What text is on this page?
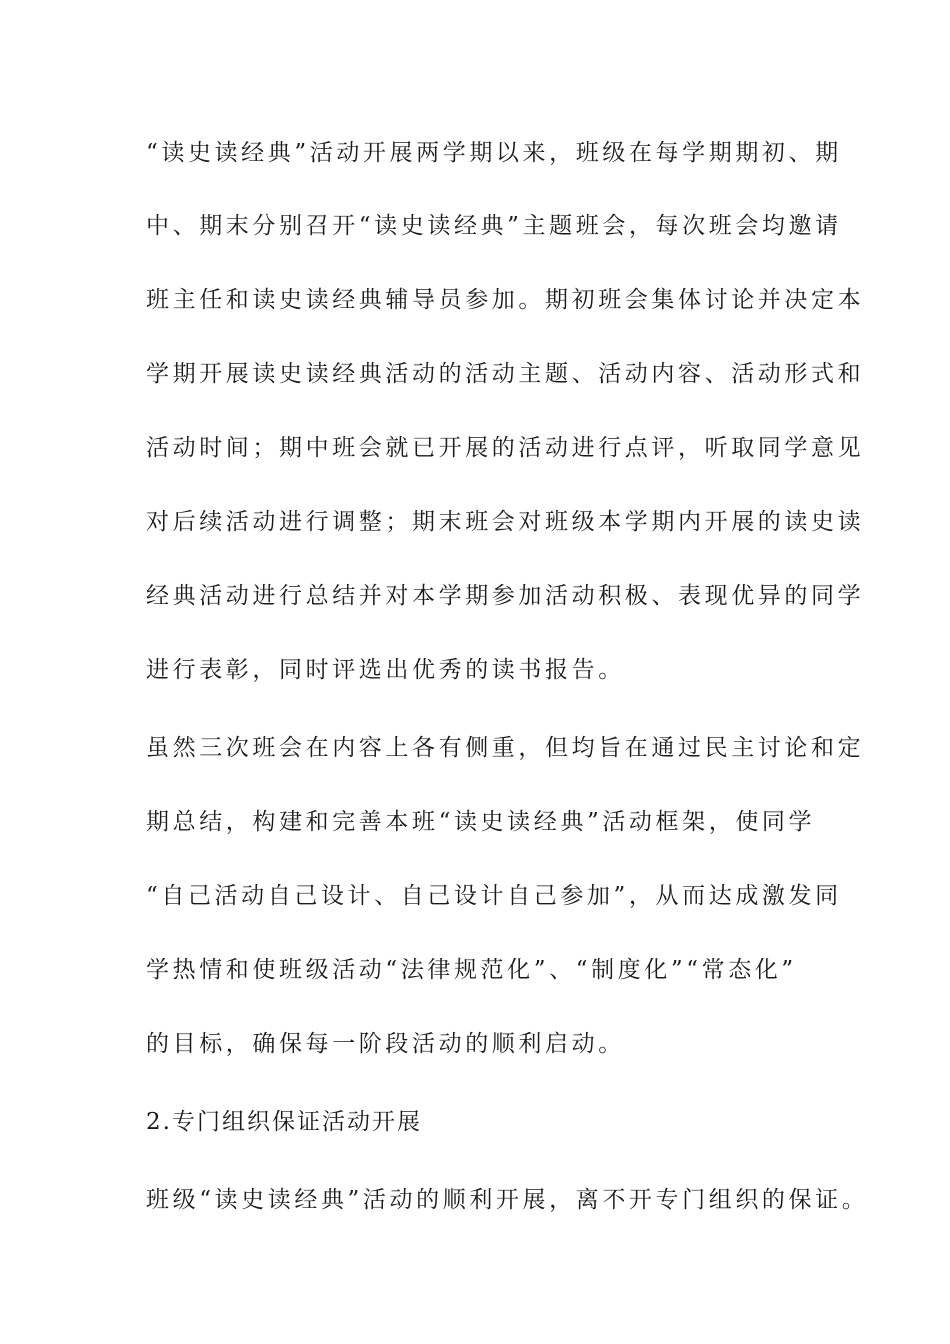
“读史读经典”活动开展两学期以来，班级在每学期期初、期
中、期末分别召开“读史读经典”主题班会，每次班会均邀请
班主任和读史读经典辅导员参加。期初班会集体讨论并决定本
学期开展读史读经典活动的活动主题、活动内容、活动形式和
活动时间；期中班会就已开展的活动进行点评，听取同学意见
对后续活动进行调整；期末班会对班级本学期内开展的读史读
经典活动进行总结并对本学期参加活动积极、表现优异的同学
进行表彰，同时评选出优秀的读书报告。
虽然三次班会在内容上各有侧重，但均旨在通过民主讨论和定
期总结，构建和完善本班“读史读经典”活动框架，使同学
“自己活动自己设计、自己设计自己参加”，从而达成激发同
学热情和使班级活动“法律规范化”、“制度化”“常态化”
的目标，确保每一阶段活动的顺利启动。
2.专门组织保证活动开展
班级“读史读经典”活动的顺利开展，离不开专门组织的保证。
